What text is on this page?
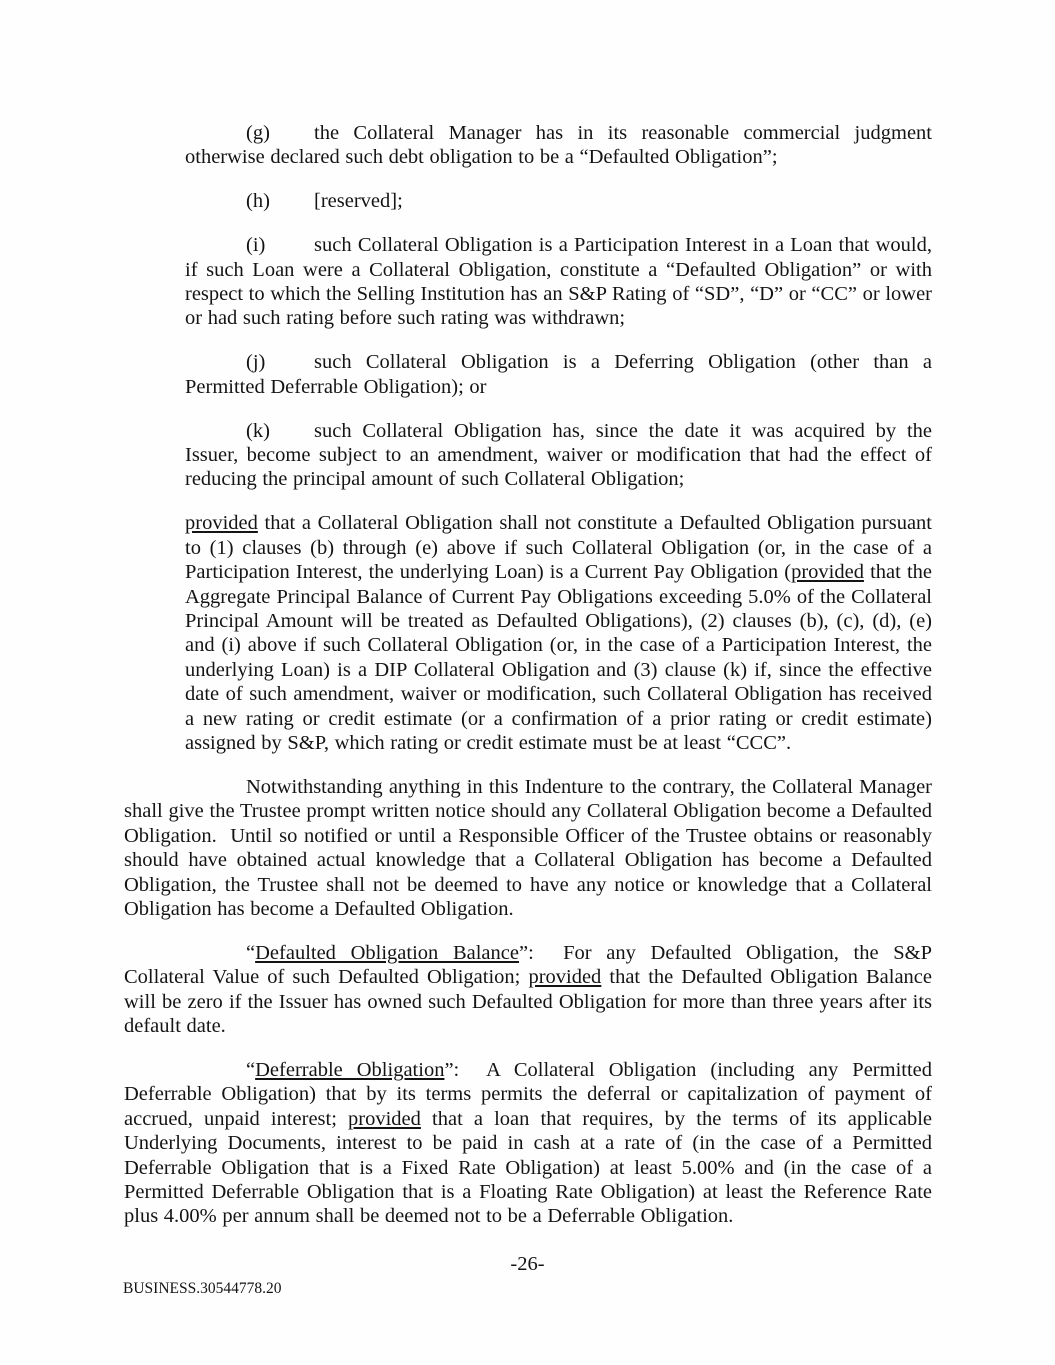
(g) the Collateral Manager has in its reasonable commercial judgment otherwise declared such debt obligation to be a “Defaulted Obligation”;

(h) [reserved];

(i) such Collateral Obligation is a Participation Interest in a Loan that would, if such Loan were a Collateral Obligation, constitute a “Defaulted Obligation” or with respect to which the Selling Institution has an S&P Rating of “SD”, “D” or “CC” or lower or had such rating before such rating was withdrawn;

(j) such Collateral Obligation is a Deferring Obligation (other than a Permitted Deferrable Obligation); or

(k) such Collateral Obligation has, since the date it was acquired by the Issuer, become subject to an amendment, waiver or modification that had the effect of reducing the principal amount of such Collateral Obligation;

provided that a Collateral Obligation shall not constitute a Defaulted Obligation pursuant to (1) clauses (b) through (e) above if such Collateral Obligation (or, in the case of a Participation Interest, the underlying Loan) is a Current Pay Obligation (provided that the Aggregate Principal Balance of Current Pay Obligations exceeding 5.0% of the Collateral Principal Amount will be treated as Defaulted Obligations), (2) clauses (b), (c), (d), (e) and (i) above if such Collateral Obligation (or, in the case of a Participation Interest, the underlying Loan) is a DIP Collateral Obligation and (3) clause (k) if, since the effective date of such amendment, waiver or modification, such Collateral Obligation has received a new rating or credit estimate (or a confirmation of a prior rating or credit estimate) assigned by S&P, which rating or credit estimate must be at least “CCC”.

Notwithstanding anything in this Indenture to the contrary, the Collateral Manager shall give the Trustee prompt written notice should any Collateral Obligation become a Defaulted Obligation.  Until so notified or until a Responsible Officer of the Trustee obtains or reasonably should have obtained actual knowledge that a Collateral Obligation has become a Defaulted Obligation, the Trustee shall not be deemed to have any notice or knowledge that a Collateral Obligation has become a Defaulted Obligation.

“Defaulted Obligation Balance”:  For any Defaulted Obligation, the S&P Collateral Value of such Defaulted Obligation; provided that the Defaulted Obligation Balance will be zero if the Issuer has owned such Defaulted Obligation for more than three years after its default date.

“Deferrable Obligation”:  A Collateral Obligation (including any Permitted Deferrable Obligation) that by its terms permits the deferral or capitalization of payment of accrued, unpaid interest; provided that a loan that requires, by the terms of its applicable Underlying Documents, interest to be paid in cash at a rate of (in the case of a Permitted Deferrable Obligation that is a Fixed Rate Obligation) at least 5.00% and (in the case of a Permitted Deferrable Obligation that is a Floating Rate Obligation) at least the Reference Rate plus 4.00% per annum shall be deemed not to be a Deferrable Obligation.

-26-
BUSINESS.30544778.20
